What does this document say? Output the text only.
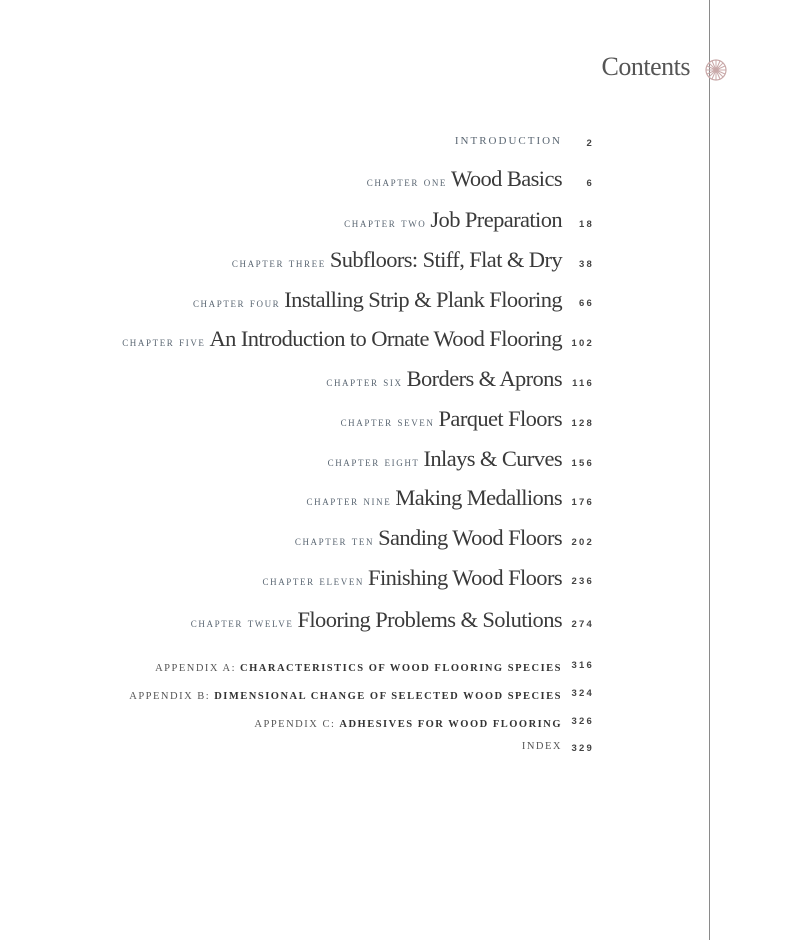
Contents
INTRODUCTION	2
chapter one Wood Basics	6
chapter two Job Preparation	18
chapter three Subfloors: Stiff, Flat & Dry	38
chapter four Installing Strip & Plank Flooring	66
chapter five An Introduction to Ornate Wood Flooring	102
chapter six Borders & Aprons	116
chapter seven Parquet Floors	128
chapter eight Inlays & Curves	156
chapter nine Making Medallions	176
chapter ten Sanding Wood Floors	202
chapter eleven Finishing Wood Floors	236
chapter twelve Flooring Problems & Solutions	274
APPENDIX A:
CHARACTERISTICS OF WOOD FLOORING SPECIES	316
APPENDIX B:
DIMENSIONAL CHANGE OF SELECTED WOOD SPECIES	324
APPENDIX C:
ADHESIVES FOR WOOD FLOORING	326
INDEX	329
